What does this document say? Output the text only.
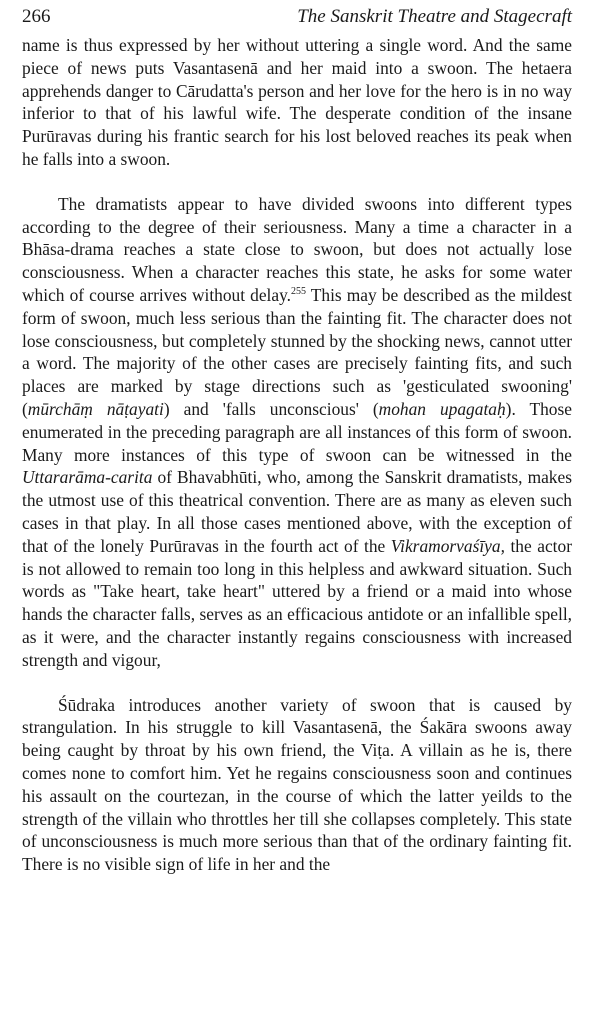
266	The Sanskrit Theatre and Stagecraft

name is thus expressed by her without uttering a single word. And the same piece of news puts Vasantasenā and her maid into a swoon. The hetaera apprehends danger to Cārudatta's person and her love for the hero is in no way inferior to that of his lawful wife. The desperate condition of the insane Purūravas during his frantic search for his lost beloved reaches its peak when he falls into a swoon.

The dramatists appear to have divided swoons into different types according to the degree of their seriousness. Many a time a character in a Bhāsa-drama reaches a state close to swoon, but does not actually lose consciousness. When a character reaches this state, he asks for some water which of course arrives without delay.$^{255}$ This may be described as the mildest form of swoon, much less serious than the fainting fit. The character does not lose consciousness, but completely stunned by the shocking news, cannot utter a word. The majority of the other cases are precisely fainting fits, and such places are marked by stage directions such as 'gesticulated swooning' (mūrchāṃ nāṭayati) and 'falls unconscious' (mohan upagataḥ). Those enumerated in the preceding paragraph are all instances of this form of swoon. Many more instances of this type of swoon can be witnessed in the Uttararāma-carita of Bhavabhūti, who, among the Sanskrit dramatists, makes the utmost use of this theatrical convention. There are as many as eleven such cases in that play. In all those cases mentioned above, with the exception of that of the lonely Purūravas in the fourth act of the Vikramorvaśīya, the actor is not allowed to remain too long in this helpless and awkward situation. Such words as "Take heart, take heart" uttered by a friend or a maid into whose hands the character falls, serves as an efficacious antidote or an infallible spell, as it were, and the character instantly regains consciousness with increased strength and vigour,

Śūdraka introduces another variety of swoon that is caused by strangulation. In his struggle to kill Vasantasenā, the Śakāra swoons away being caught by throat by his own friend, the Viṭa. A villain as he is, there comes none to comfort him. Yet he regains consciousness soon and continues his assault on the courtezan, in the course of which the latter yeilds to the strength of the villain who throttles her till she collapses completely. This state of unconsciousness is much more serious than that of the ordinary fainting fit. There is no visible sign of life in her and the
